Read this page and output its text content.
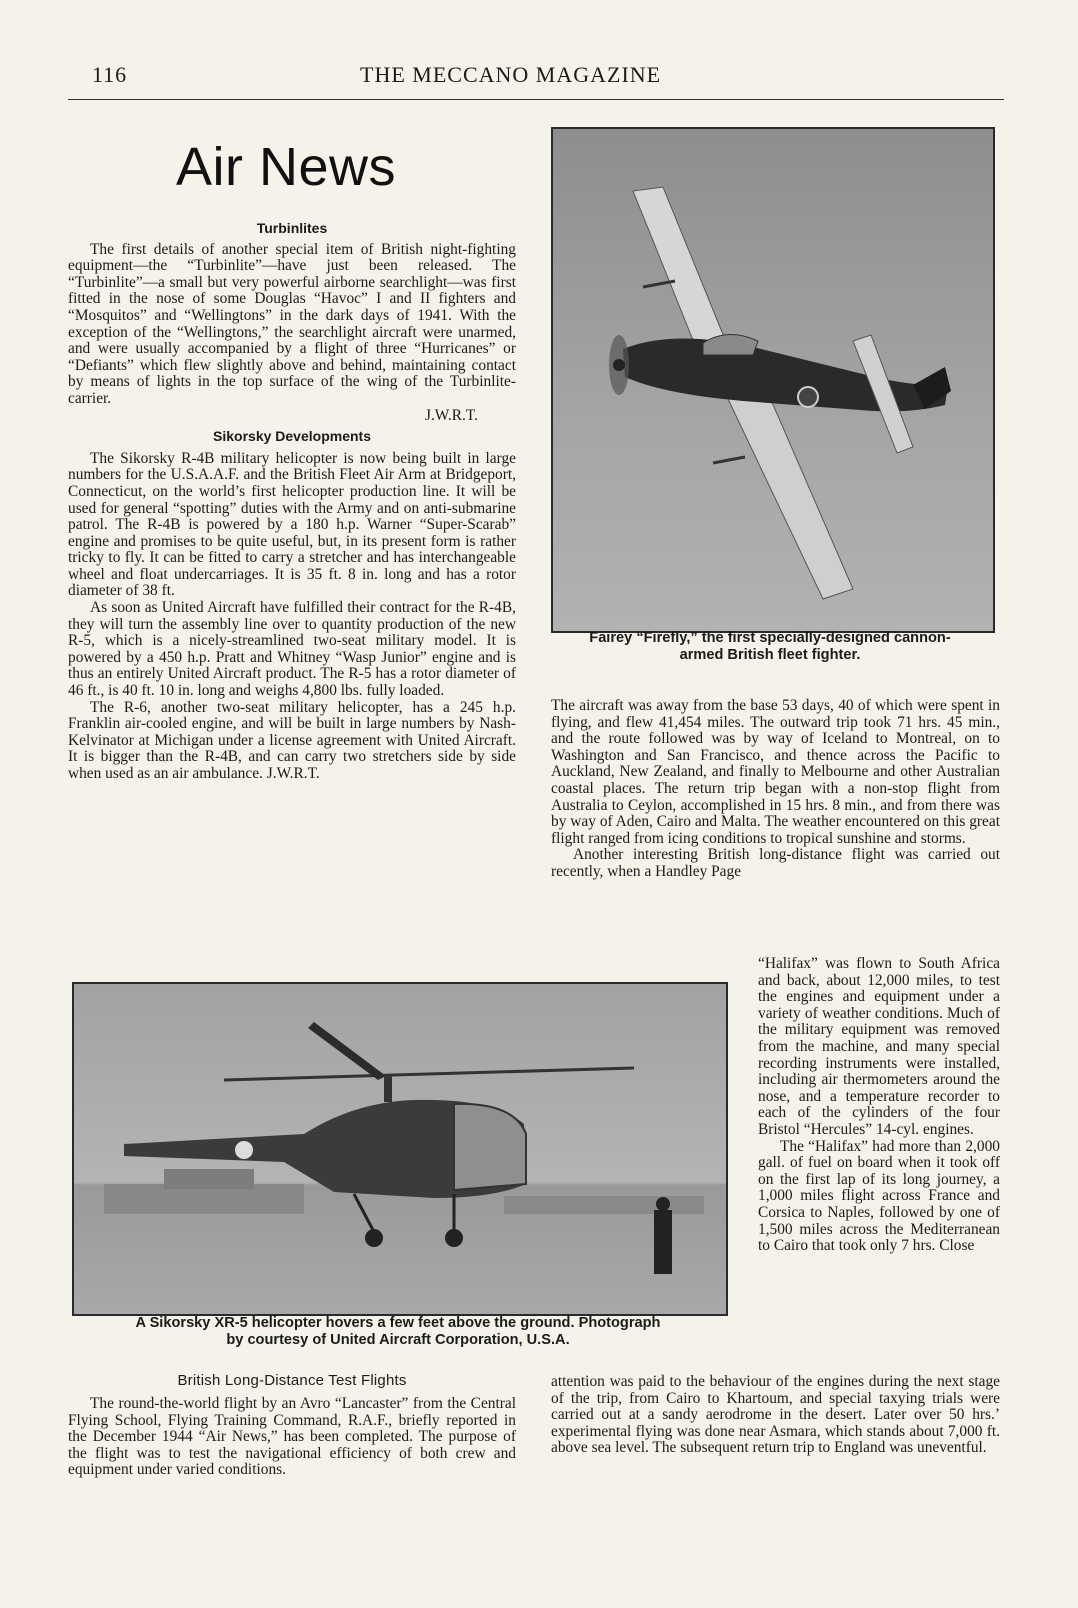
116	THE MECCANO MAGAZINE
Air News
Turbinlites

The first details of another special item of British night-fighting equipment—the “Turbinlite”—have just been released. The “Turbinlite”—a small but very powerful airborne searchlight—was first fitted in the nose of some Douglas “Havoc” I and II fighters and “Mosquitos” and “Wellingtons” in the dark days of 1941. With the exception of the “Wellingtons,” the searchlight aircraft were unarmed, and were usually accompanied by a flight of three “Hurricanes” or “Defiants” which flew slightly above and behind, maintaining contact by means of lights in the top surface of the wing of the Turbinlite-carrier.

J.W.R.T.

Sikorsky Developments

The Sikorsky R-4B military helicopter is now being built in large numbers for the U.S.A.A.F. and the British Fleet Air Arm at Bridgeport, Connecticut, on the world’s first helicopter production line. It will be used for general “spotting” duties with the Army and on anti-submarine patrol. The R-4B is powered by a 180 h.p. Warner “Super-Scarab” engine and promises to be quite useful, but, in its present form is rather tricky to fly. It can be fitted to carry a stretcher and has interchangeable wheel and float undercarriages. It is 35 ft. 8 in. long and has a rotor diameter of 38 ft.

As soon as United Aircraft have fulfilled their contract for the R-4B, they will turn the assembly line over to quantity production of the new R-5, which is a nicely-streamlined two-seat military model. It is powered by a 450 h.p. Pratt and Whitney “Wasp Junior” engine and is thus an entirely United Aircraft product. The R-5 has a rotor diameter of 46 ft., is 40 ft. 10 in. long and weighs 4,800 lbs. fully loaded.

The R-6, another two-seat military helicopter, has a 245 h.p. Franklin air-cooled engine, and will be built in large numbers by Nash-Kelvinator at Michigan under a license agreement with United Aircraft. It is bigger than the R-4B, and can carry two stretchers side by side when used as an air ambulance. J.W.R.T.

Fairey “Firefly,” the first specially-designed cannon-
armed British fleet fighter.

The aircraft was away from the base 53 days, 40 of which were spent in flying, and flew 41,454 miles. The outward trip took 71 hrs. 45 min., and the route followed was by way of Iceland to Montreal, on to Washington and San Francisco, and thence across the Pacific to Auckland, New Zealand, and finally to Melbourne and other Australian coastal places. The return trip began with a non-stop flight from Australia to Ceylon, accomplished in 15 hrs. 8 min., and from there was by way of Aden, Cairo and Malta. The weather encountered on this great flight ranged from icing conditions to tropical sunshine and storms.

Another interesting British long-distance flight was carried out recently, when a Handley Page

“Halifax” was flown to South Africa and back, about 12,000 miles, to test the engines and equipment under a variety of weather conditions. Much of the military equipment was removed from the machine, and many special recording instruments were installed, including air thermometers around the nose, and a temperature recorder to each of the cylinders of the four Bristol “Hercules” 14-cyl. engines.

The “Halifax” had more than 2,000 gall. of fuel on board when it took off on the first lap of its long journey, a 1,000 miles flight across France and Corsica to Naples, followed by one of 1,500 miles across the Mediterranean to Cairo that took only 7 hrs. Close

attention was paid to the behaviour of the engines during the next stage of the trip, from Cairo to Khartoum, and special taxying trials were carried out at a sandy aerodrome in the desert. Later over 50 hrs.’ experimental flying was done near Asmara, which stands about 7,000 ft. above sea level. The subsequent return trip to England was uneventful.

A Sikorsky XR-5 helicopter hovers a few feet above the ground. Photograph
by courtesy of United Aircraft Corporation, U.S.A.
British Long-Distance Test Flights

The round-the-world flight by an Avro “Lancaster” from the Central Flying School, Flying Training Command, R.A.F., briefly reported in the December 1944 “Air News,” has been completed. The purpose of the flight was to test the navigational efficiency of both crew and equipment under varied conditions.
